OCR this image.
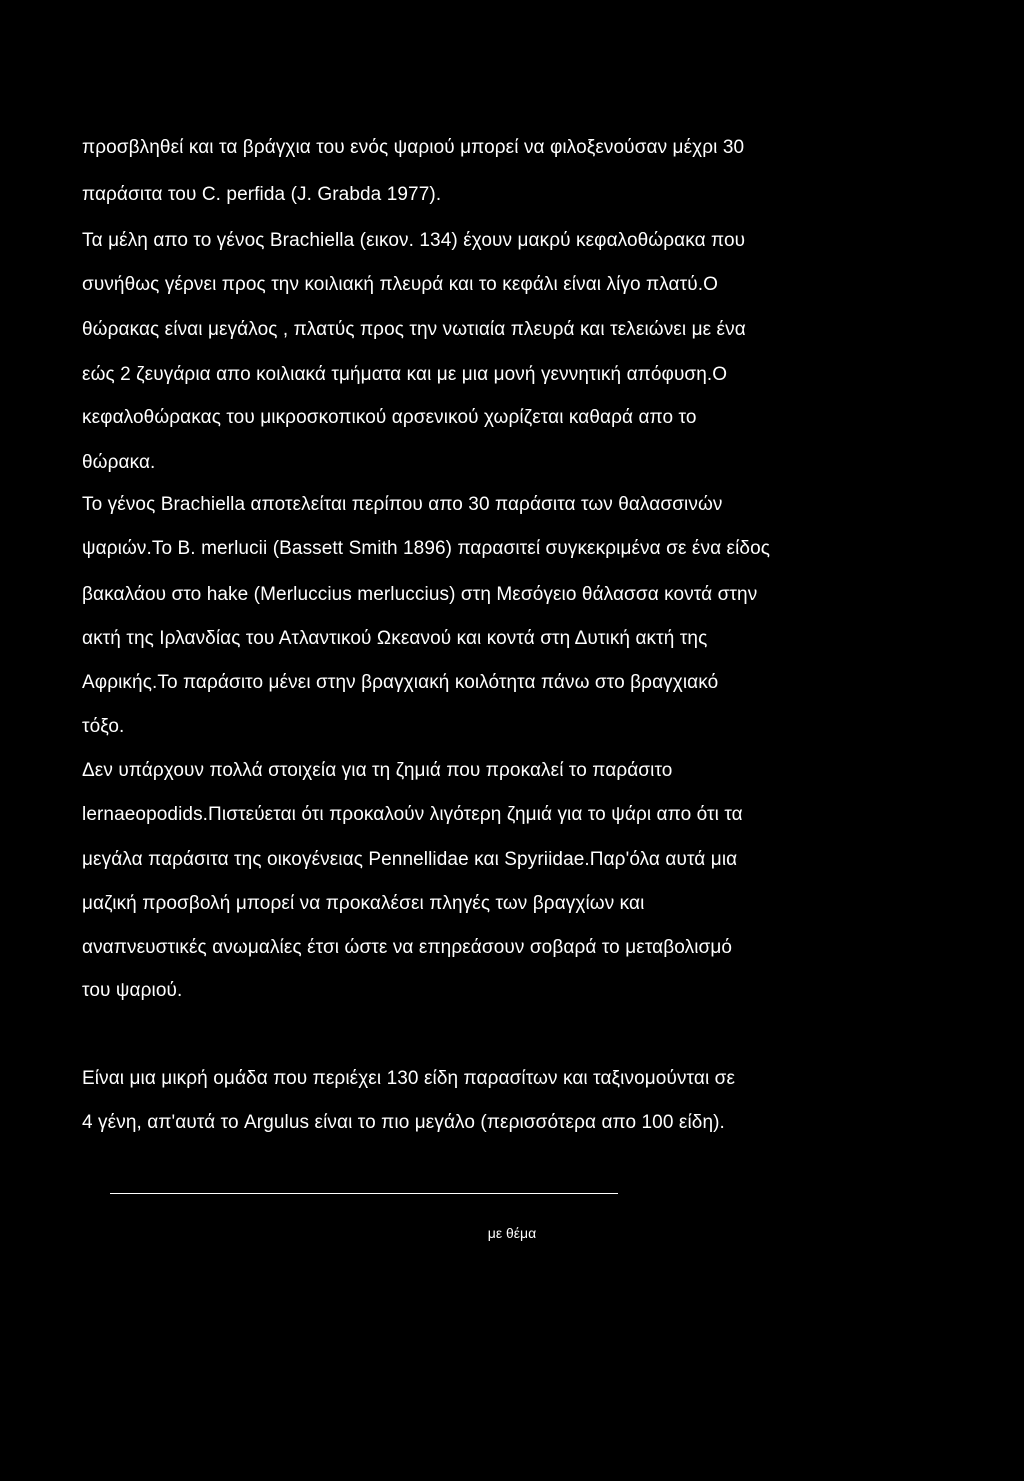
προσβληθεί και τα βράγχια του ενός ψαριού μπορεί να φιλοξενούσαν μέχρι 30
παράσιτα του C. perfida (J. Grabda 1977).
Τα μέλη απο το γένος Brachiella (εικον. 134) έχουν μακρύ κεφαλοθώρακα που
συνήθως γέρνει προς την κοιλιακή πλευρά και το κεφάλι είναι λίγο πλατύ.Ο
θώρακας είναι μεγάλος , πλατύς προς την νωτιαία πλευρά και τελειώνει με ένα
εώς 2 ζευγάρια απο κοιλιακά τμήματα και με μια μονή γεννητική απόφυση.Ο
κεφαλοθώρακας του μικροσκοπικού αρσενικού χωρίζεται καθαρά απο το
θώρακα.
Το γένος Brachiella αποτελείται περίπου απο 30 παράσιτα των θαλασσινών
ψαριών.Το Β. merlucii (Bassett Smith 1896) παρασιτεί συγκεκριμένα σε ένα είδος
βακαλάου στο hake (Merluccius merluccius) στη Μεσόγειο θάλασσα κοντά στην
ακτή της Ιρλανδίας του Ατλαντικού Ωκεανού και κοντά στη Δυτική ακτή της
Αφρικής.Το παράσιτο μένει στην βραγχιακή κοιλότητα πάνω στο βραγχιακό
τόξο.
Δεν υπάρχουν πολλά στοιχεία για τη ζημιά που προκαλεί το παράσιτο
lernaeopodids.Πιστεύεται ότι προκαλούν λιγότερη ζημιά για το ψάρι απο ότι τα
μεγάλα παράσιτα της οικογένειας Pennellidae και Spyriidae.Παρ'όλα αυτά μια
μαζική προσβολή μπορεί να προκαλέσει πληγές των βραγχίων και
αναπνευστικές ανωμαλίες έτσι ώστε να επηρεάσουν σοβαρά το μεταβολισμό
του ψαριού.
Είναι μια μικρή ομάδα που περιέχει 130 είδη παρασίτων και ταξινομούνται σε
4 γένη, απ'αυτά το Argulus είναι το πιο μεγάλο (περισσότερα απο 100 είδη).
με θέμα
